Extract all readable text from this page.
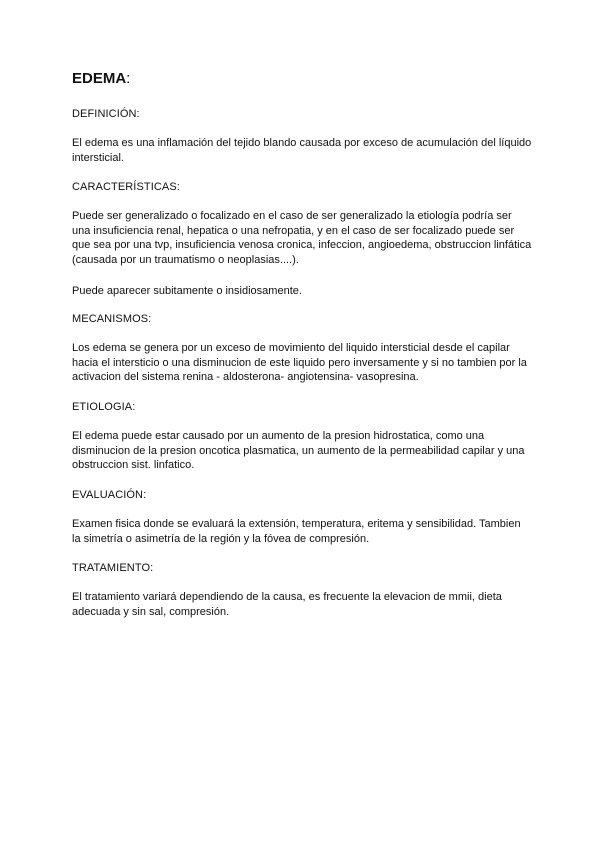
EDEMA:
DEFINICIÓN:
El edema es una inflamación del tejido blando causada por exceso de acumulación del líquido intersticial.
CARACTERÍSTICAS:
Puede ser generalizado o focalizado en el caso de ser generalizado la etiología podría ser una insuficiencia renal, hepatica o una nefropatia, y en el caso de ser focalizado puede ser que sea por una tvp, insuficiencia venosa cronica, infeccion, angioedema, obstruccion linfática (causada por un traumatismo o neoplasias....).
Puede aparecer subitamente o insidiosamente.
MECANISMOS:
Los edema se genera por un exceso de movimiento del liquido intersticial desde el capilar hacia el intersticio o una disminucion de este liquido pero inversamente y si no tambien por la activacion del sistema renina - aldosterona- angiotensina- vasopresina.
ETIOLOGIA:
El edema puede estar causado por un aumento de la presion hidrostatica, como una disminucion de la presion oncotica plasmatica, un aumento de la permeabilidad capilar y una obstruccion sist. linfatico.
EVALUACIÓN:
Examen fisica donde se evaluará la extensión, temperatura, eritema y sensibilidad. Tambien la simetría o asimetría de la región y la fóvea de compresión.
TRATAMIENTO:
El tratamiento variará dependiendo de la causa, es frecuente la elevacion de mmii, dieta adecuada y sin sal, compresión.
